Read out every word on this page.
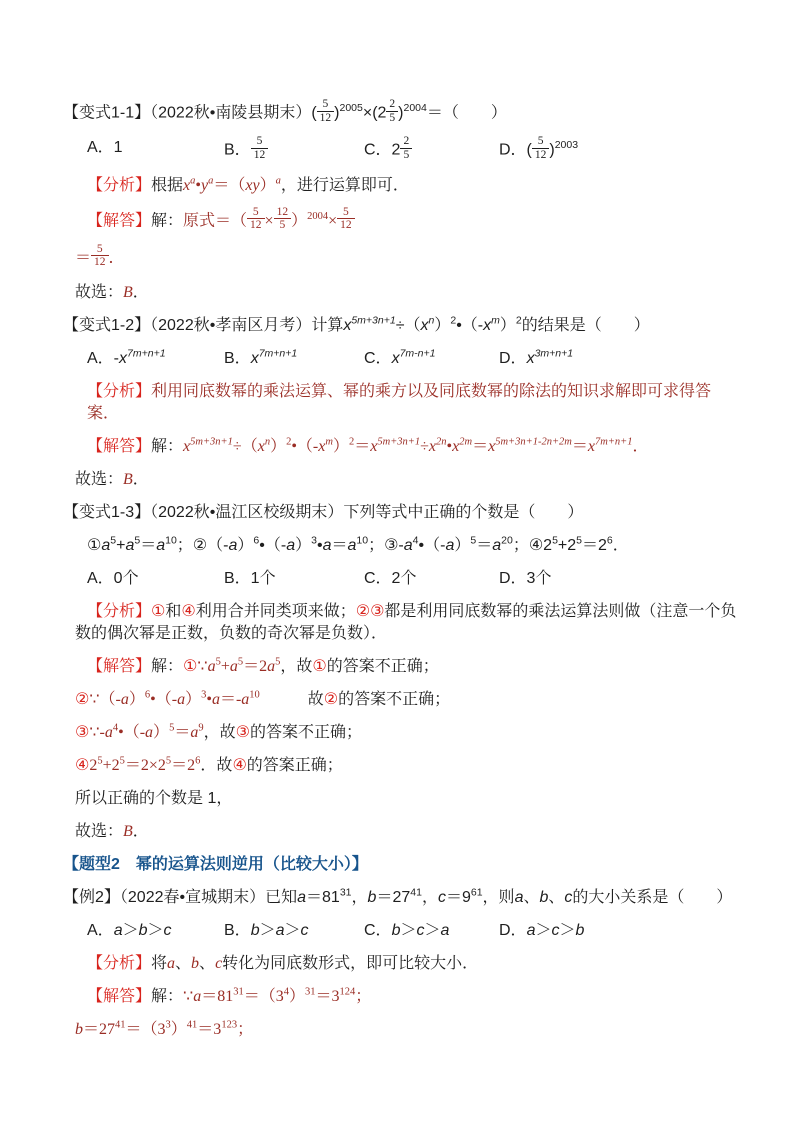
【变式1-1】（2022秋•南陵县期末）( $\frac{5}{12} )^{2005}\times(2 \frac{2}{5} )^{2004}=$（　　）
A．1	B． $\frac{5}{12}$	C．$2 \frac{2}{5}$	D．( $\frac{5}{12} )^{2003}$
【分析】根据$x^a•y^a=(xy)^a$，进行运算即可．
【解答】解：原式＝（ $\frac{5}{12} \times \frac{12}{5} )^{2004}\times \frac{5}{12}$
＝ $\frac{5}{12}$ ．
故选：B．
【变式1-2】（2022秋•孝南区月考）计算$x^{5m+3n+1}\div(x^n)^2•(-x^m)^2$的结果是（　　）
A．$-x^{7m+n+1}$	B．$x^{7m+n+1}$	C．$x^{7m-n+1}$	D．$x^{3m+n+1}$
【分析】利用同底数幂的乘法运算、幂的乘方以及同底数幂的除法的知识求解即可求得答案．
【解答】解：$x^{5m+3n+1}\div(x^n)^2•(-x^m)^2=x^{5m+3n+1}\div x^{2n}•x^{2m}=x^{5m+3n+1-2n+2m}=x^{7m+n+1}$．
故选：B．
【变式1-3】（2022秋•温江区校级期末）下列等式中正确的个数是（　　）
$①a^5+a^5=a^{10}$；$②(-a)^6•(-a)^3•a=a^{10}$；$③-a^4•(-a)^5=a^{20}$；$④2^5+2^5=2^6$．
A．0个	B．1个	C．2个	D．3个
【分析】①和④利用合并同类项来做；②③都是利用同底数幂的乘法运算法则做（注意一个负数的偶次幂是正数，负数的奇次幂是负数）．
【解答】解：$①\because a^5+a^5=2a^5$，故①的答案不正确；
$②\because(-a)^6•(-a)^3•a=-a^{10}$　　　故②的答案不正确；
$③\because-a^4•(-a)^5=a^9$，故③的答案不正确；
$④2^5+2^5=2\times 2^5=2^6$．故④的答案正确；
所以正确的个数是 1，
故选：B．
【题型2　幂的运算法则逆用（比较大小）】
【例2】（2022春•宣城期末）已知$a=81^{31}$，$b=27^{41}$，$c=9^{61}$，则a、b、c的大小关系是（　　）
A．a＞b＞c	B．b＞a＞c	C．b＞c＞a	D．a＞c＞b
【分析】将a、b、c转化为同底数形式，即可比较大小．
【解答】解：$\because a=81^{31}=(3^4)^{31}=3^{124}$；
$b=27^{41}=(3^3)^{41}=3^{123}$；
